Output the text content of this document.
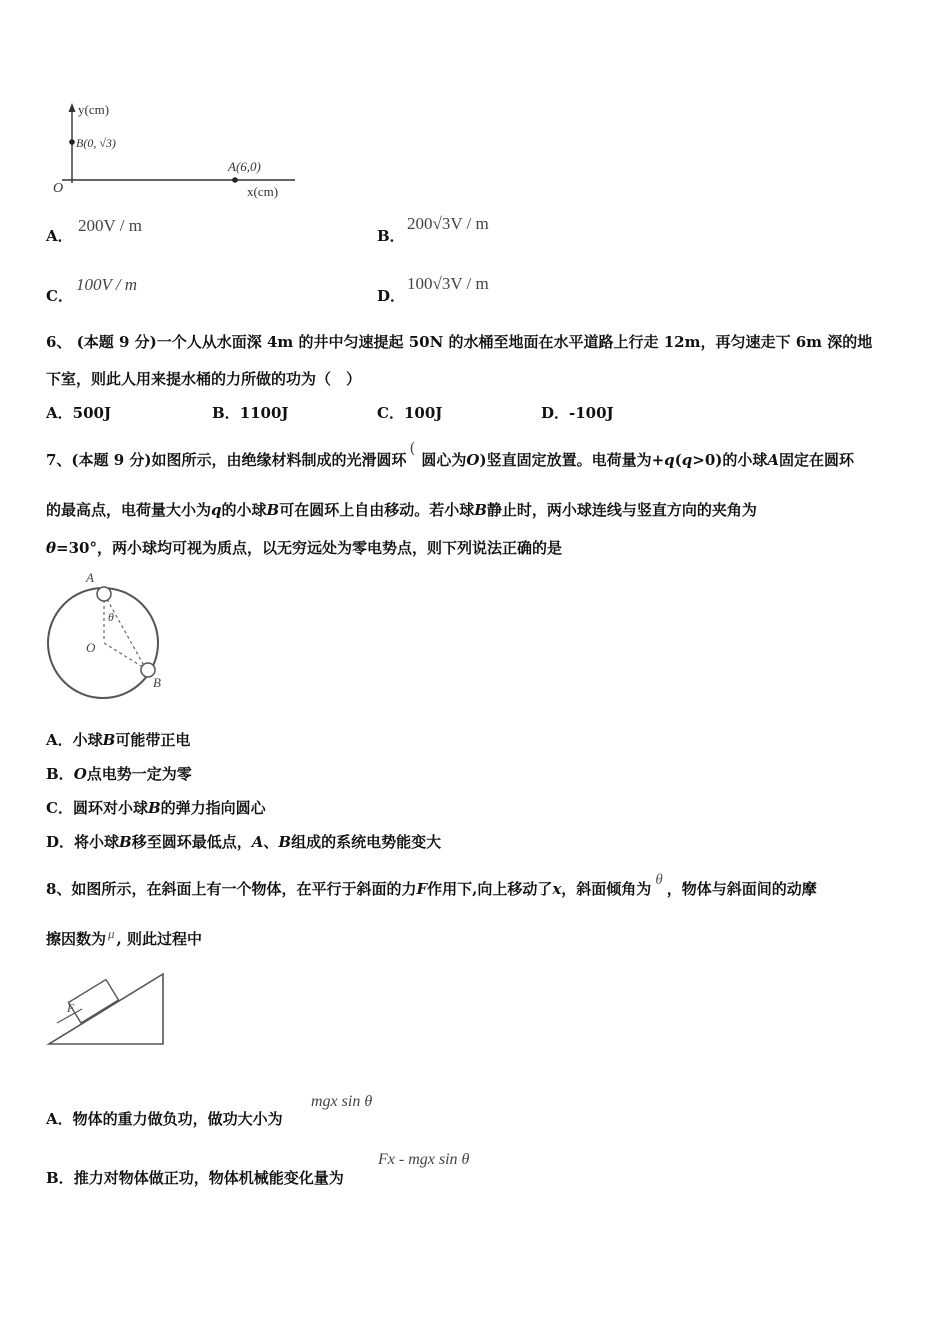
y(cm)
B(0, √3)
O
A(6,0)
x(cm)
A．
200V / m
B．
200√3V / m
C．
100V / m
D．
100√3V / m
6、 (本题 9 分)一个人从水面深 4m 的井中匀速提起 50N 的水桶至地面在水平道路上行走 12m，再匀速走下 6m 深的地
下室，则此人用来提水桶的力所做的功为（　）
A．500J	B．1100J	C．100J	D．-100J
7、(本题 9 分)如图所示，由绝缘材料制成的光滑圆环(圆心为O)竖直固定放置。电荷量为+q(q>0)的小球A固定在圆环
的最高点，电荷量大小为q的小球B可在圆环上自由移动。若小球B静止时，两小球连线与竖直方向的夹角为
θ=30°，两小球均可视为质点，以无穷远处为零电势点，则下列说法正确的是
A
θ
O
B
A．小球B可能带正电
B．O点电势一定为零
C．圆环对小球B的弹力指向圆心
D．将小球B移至圆环最低点，A、B组成的系统电势能变大
8、如图所示，在斜面上有一个物体，在平行于斜面的力F作用下,向上移动了x，斜面倾角为 θ ，物体与斜面间的动摩
擦因数为 μ , 则此过程中
F
A．物体的重力做负功，做功大小为
mgx sin θ
B．推力对物体做正功，物体机械能变化量为
Fx - mgx sin θ
